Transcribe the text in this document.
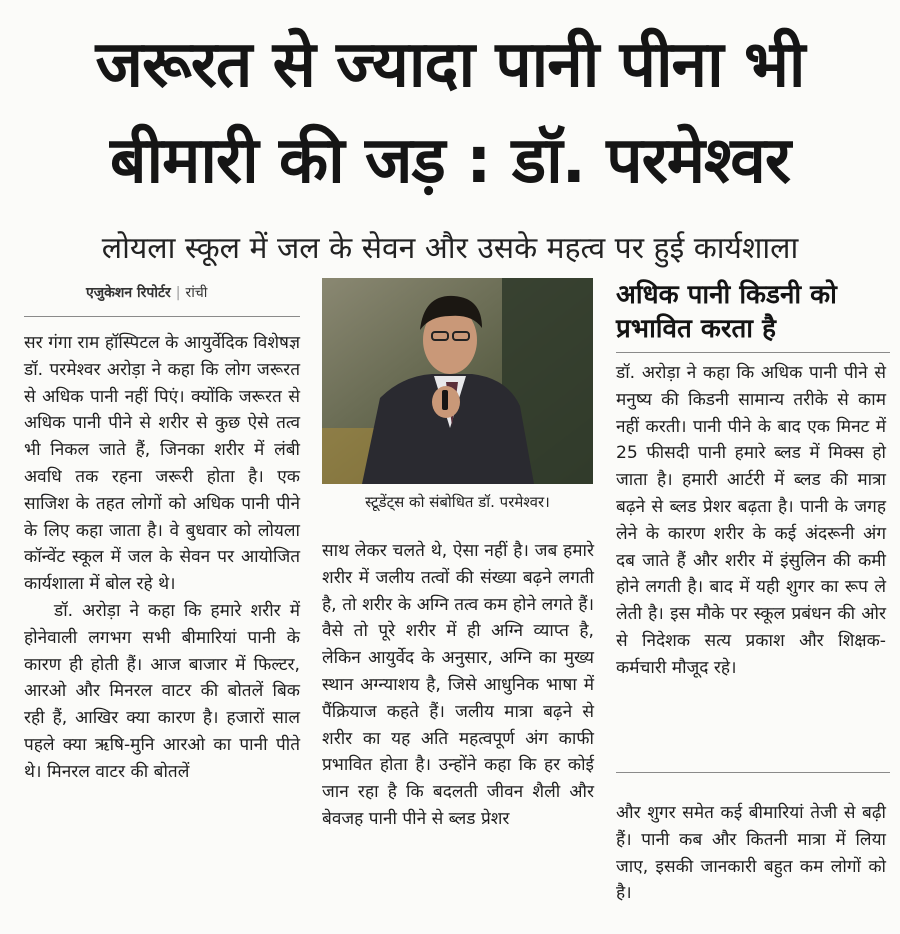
जरूरत से ज्यादा पानी पीना भी
बीमारी की जड़ : डॉ. परमेश्वर
लोयला स्कूल में जल के सेवन और उसके महत्व पर हुई कार्यशाला
एजुकेशन रिपोर्टर | रांची

सर गंगा राम हॉस्पिटल के आयुर्वेदिक विशेषज्ञ डॉ. परमेश्वर अरोड़ा ने कहा कि लोग जरूरत से अधिक पानी नहीं पिएं। क्योंकि जरूरत से अधिक पानी पीने से शरीर से कुछ ऐसे तत्व भी निकल जाते हैं, जिनका शरीर में लंबी अवधि तक रहना जरूरी होता है। एक साजिश के तहत लोगों को अधिक पानी पीने के लिए कहा जाता है। वे बुधवार को लोयला कॉन्वेंट स्कूल में जल के सेवन पर आयोजित कार्यशाला में बोल रहे थे।

डॉ. अरोड़ा ने कहा कि हमारे शरीर में होनेवाली लगभग सभी बीमारियां पानी के कारण ही होती हैं। आज बाजार में फिल्टर, आरओ और मिनरल वाटर की बोतलें बिक रही हैं, आखिर क्या कारण है। हजारों साल पहले क्या ऋषि-मुनि आरओ का पानी पीते थे। मिनरल वाटर की बोतलें

स्टूडेंट्स को संबोधित डॉ. परमेश्वर।

साथ लेकर चलते थे, ऐसा नहीं है। जब हमारे शरीर में जलीय तत्वों की संख्या बढ़ने लगती है, तो शरीर के अग्नि तत्व कम होने लगते हैं। वैसे तो पूरे शरीर में ही अग्नि व्याप्त है, लेकिन आयुर्वेद के अनुसार, अग्नि का मुख्य स्थान अग्न्याशय है, जिसे आधुनिक भाषा में पैंक्रियाज कहते हैं। जलीय मात्रा बढ़ने से शरीर का यह अति महत्वपूर्ण अंग काफी प्रभावित होता है। उन्होंने कहा कि हर कोई जान रहा है कि बदलती जीवन शैली और बेवजह पानी पीने से ब्लड प्रेशर

अधिक पानी किडनी को प्रभावित करता है

डॉ. अरोड़ा ने कहा कि अधिक पानी पीने से मनुष्य की किडनी सामान्य तरीके से काम नहीं करती। पानी पीने के बाद एक मिनट में 25 फीसदी पानी हमारे ब्लड में मिक्स हो जाता है। हमारी आर्टरी में ब्लड की मात्रा बढ़ने से ब्लड प्रेशर बढ़ता है। पानी के जगह लेने के कारण शरीर के कई अंदरूनी अंग दब जाते हैं और शरीर में इंसुलिन की कमी होने लगती है। बाद में यही शुगर का रूप ले लेती है। इस मौके पर स्कूल प्रबंधन की ओर से निदेशक सत्य प्रकाश और शिक्षक-कर्मचारी मौजूद रहे।

और शुगर समेत कई बीमारियां तेजी से बढ़ी हैं। पानी कब और कितनी मात्रा में लिया जाए, इसकी जानकारी बहुत कम लोगों को है।
